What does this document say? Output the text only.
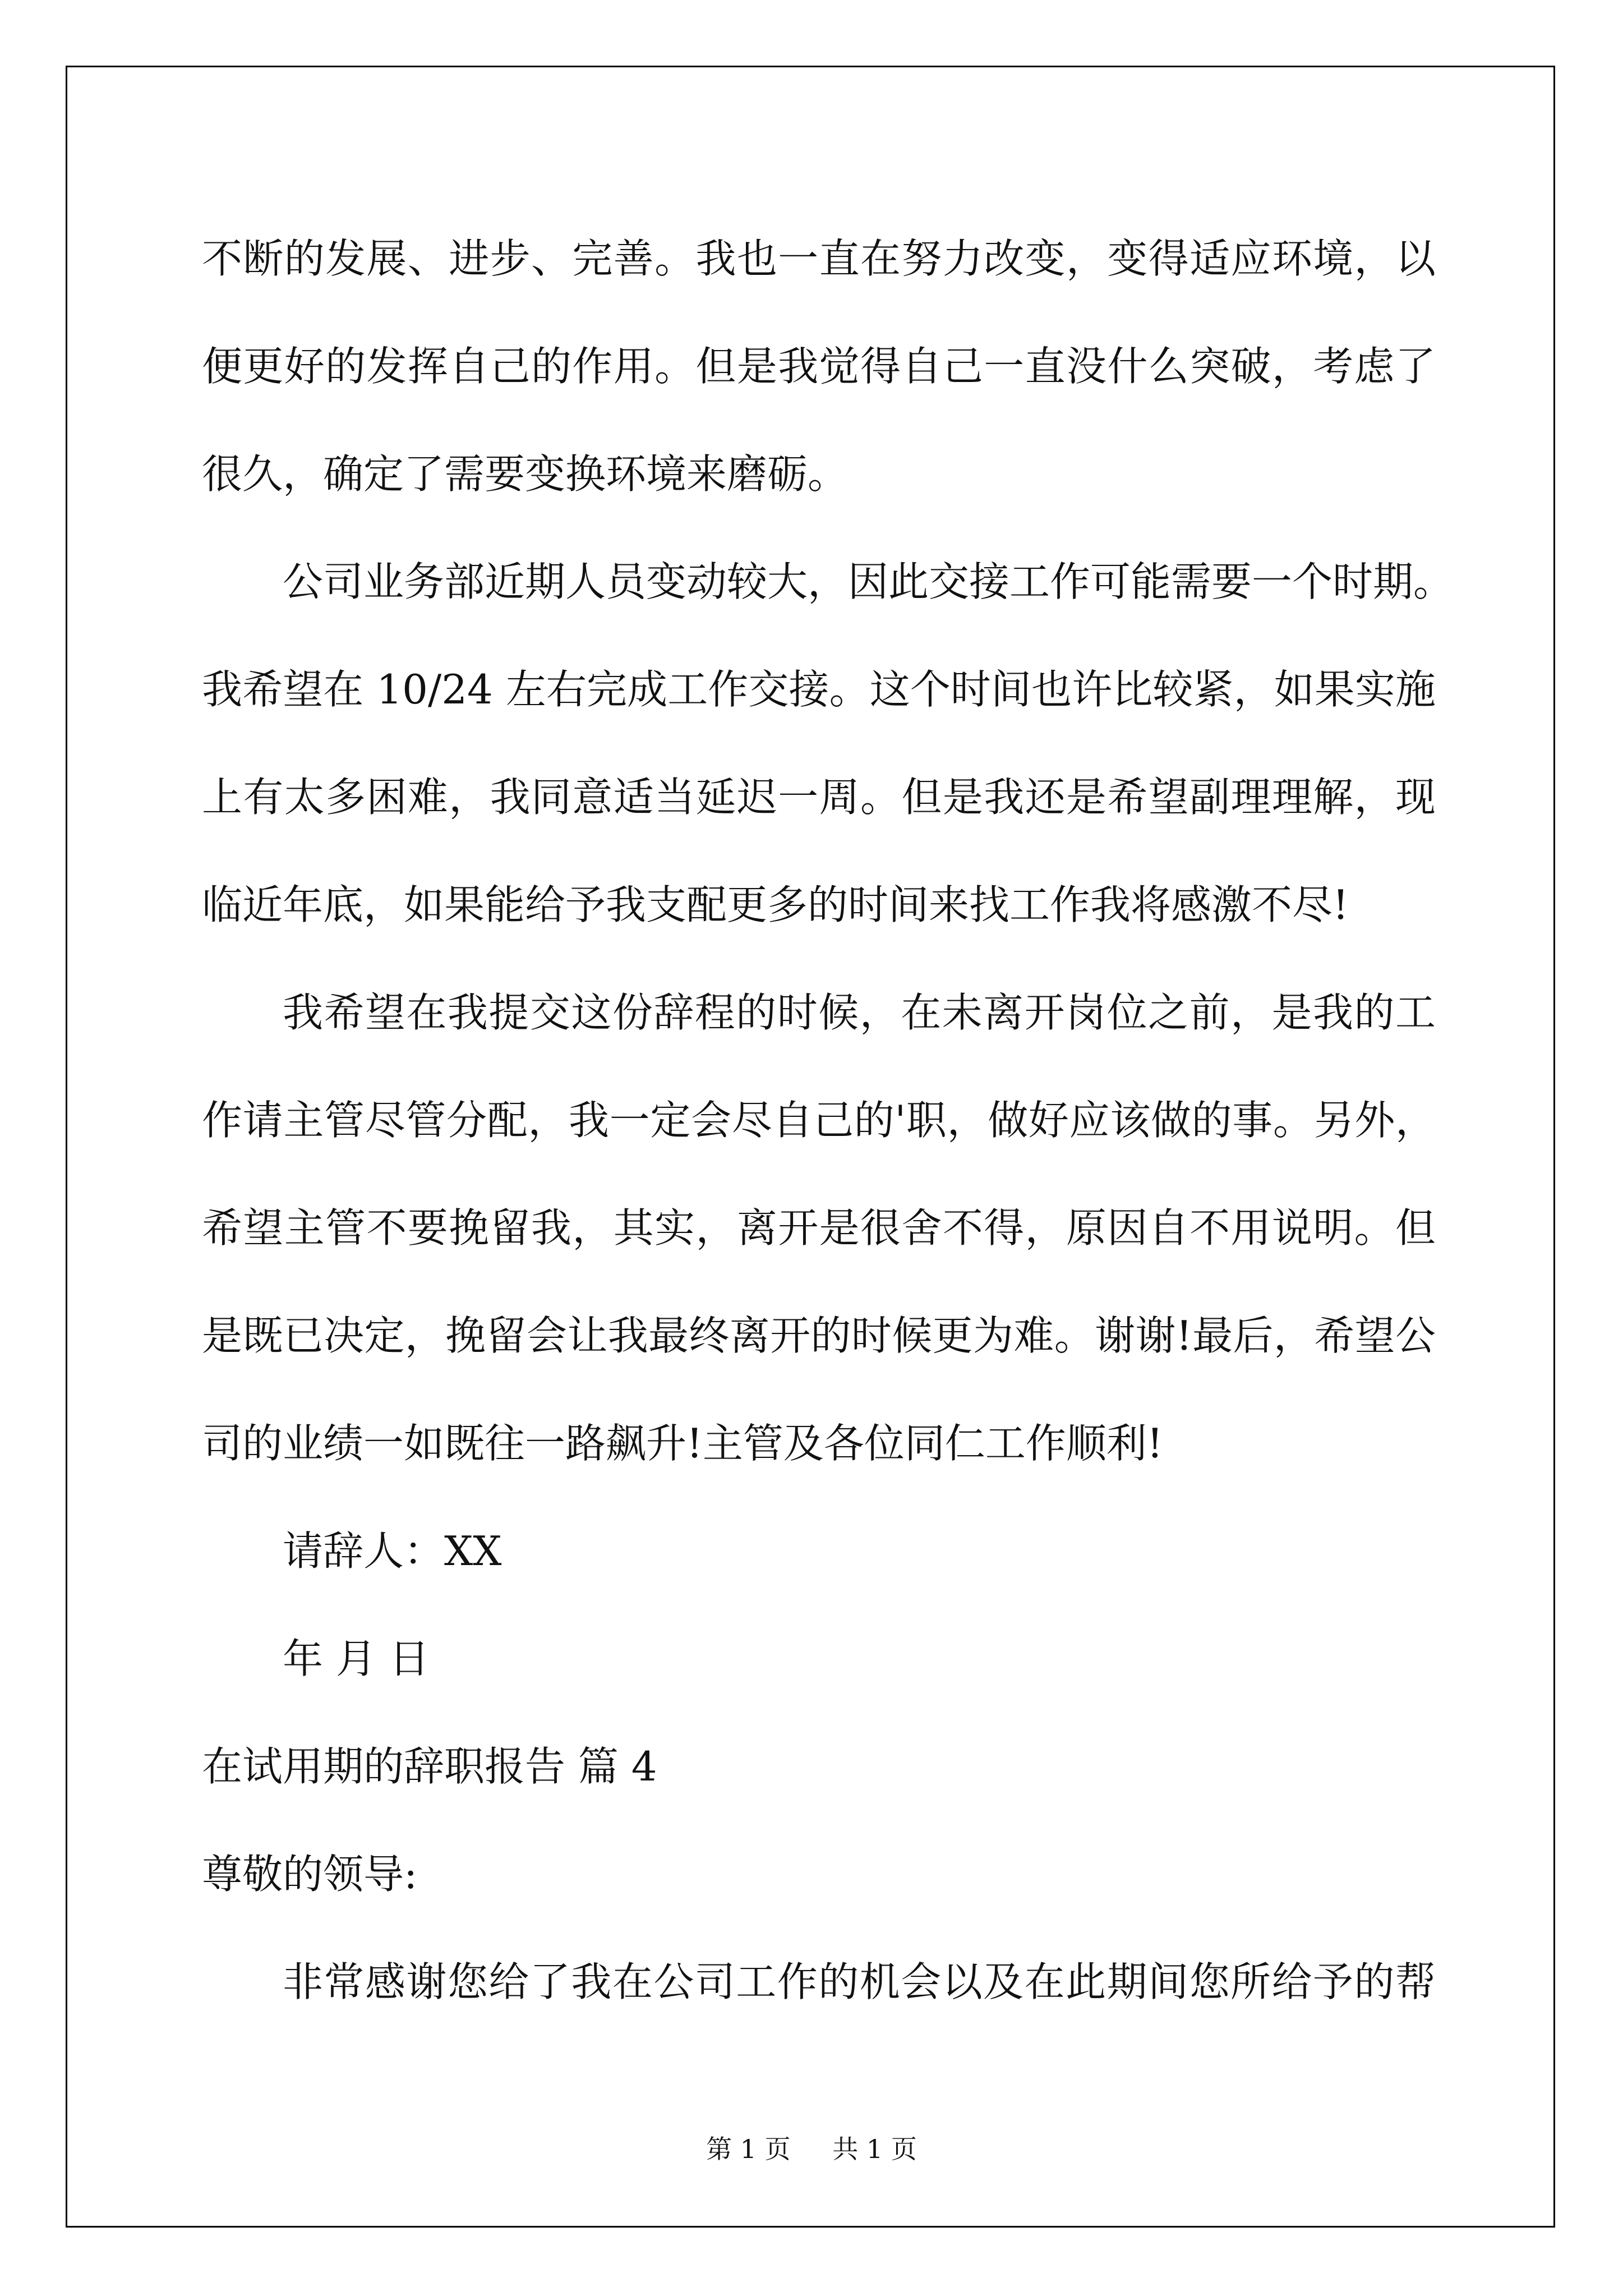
不断的发展、进步、完善。我也一直在努力改变，变得适应环境，以
便更好的发挥自己的作用。但是我觉得自己一直没什么突破，考虑了
很久，确定了需要变换环境来磨砺。
公司业务部近期人员变动较大，因此交接工作可能需要一个时期。
我希望在 10/24 左右完成工作交接。这个时间也许比较紧，如果实施
上有太多困难，我同意适当延迟一周。但是我还是希望副理理解，现
临近年底，如果能给予我支配更多的时间来找工作我将感激不尽!
我希望在我提交这份辞程的时候，在未离开岗位之前，是我的工
作请主管尽管分配，我一定会尽自己的'职，做好应该做的事。另外，
希望主管不要挽留我，其实，离开是很舍不得，原因自不用说明。但
是既已决定，挽留会让我最终离开的时候更为难。谢谢!最后，希望公
司的业绩一如既往一路飙升!主管及各位同仁工作顺利!
请辞人：XX
年 月 日
在试用期的辞职报告 篇 4
尊敬的领导:
非常感谢您给了我在公司工作的机会以及在此期间您所给予的帮
第 1 页 共 1 页
